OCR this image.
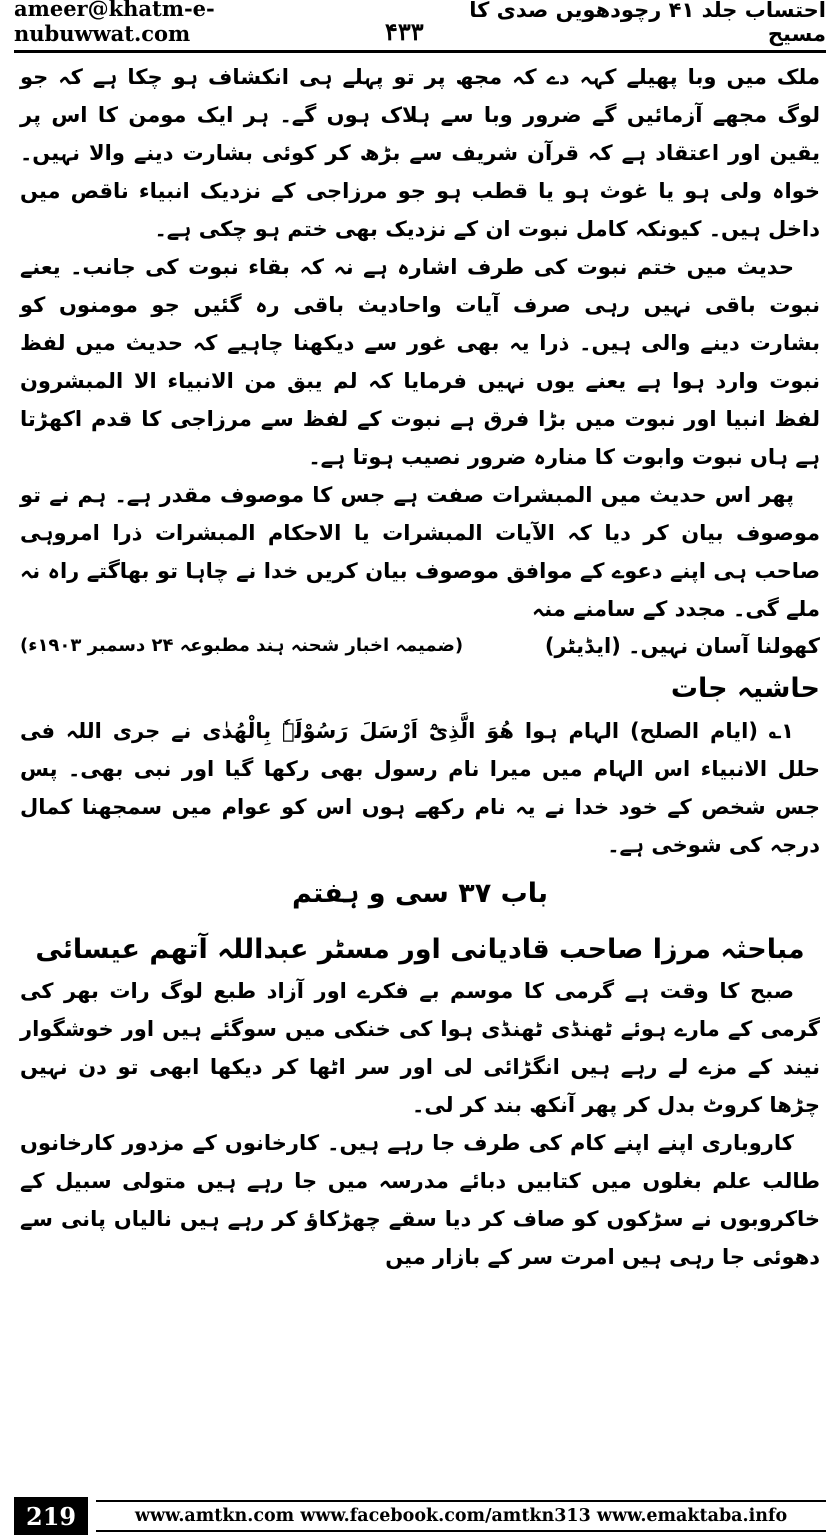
ameer@khatm-e-nubuwwat.com	۴۳۳
احتساب جلد ۴۱ رچودھویں صدی کا مسیح

ملک میں وبا پھیلے کہہ دے کہ مجھ پر تو پہلے ہی انکشاف ہو چکا ہے کہ جو لوگ مجھے آزمائیں گے ضرور وبا سے ہلاک ہوں گے۔ ہر ایک مومن کا اس پر یقین اور اعتقاد ہے کہ قرآن شریف سے بڑھ کر کوئی بشارت دینے والا نہیں۔ خواہ ولی ہو یا غوث ہو یا قطب ہو جو مرزاجی کے نزدیک انبیاء ناقص میں داخل ہیں۔ کیونکہ کامل نبوت ان کے نزدیک بھی ختم ہو چکی ہے۔

حدیث میں ختم نبوت کی طرف اشارہ ہے نہ کہ بقاء نبوت کی جانب۔ یعنے نبوت باقی نہیں رہی صرف آیات واحادیث باقی رہ گئیں جو مومنوں کو بشارت دینے والی ہیں۔ ذرا یہ بھی غور سے دیکھنا چاہیے کہ حدیث میں لفظ نبوت وارد ہوا ہے یعنے یوں نہیں فرمایا کہ لم یبق من الانبیاء الا المبشرون لفظ انبیا اور نبوت میں بڑا فرق ہے نبوت کے لفظ سے مرزاجی کا قدم اکھڑتا ہے ہاں نبوت وابوت کا منارہ ضرور نصیب ہوتا ہے۔

پھر اس حدیث میں المبشرات صفت ہے جس کا موصوف مقدر ہے۔ ہم نے تو موصوف بیان کر دیا کہ الآیات المبشرات یا الاحکام المبشرات ذرا امروہی صاحب ہی اپنے دعوے کے موافق موصوف بیان کریں خدا نے چاہا تو بھاگتے راہ نہ ملے گی۔ مجدد کے سامنے منہ

کھولنا آسان نہیں۔ (ایڈیٹر)
(ضمیمہ اخبار شحنہ ہند مطبوعہ ۲۴ دسمبر ۱۹۰۳ء)
حاشیہ جات

۱؎ (ایام الصلح) الہام ہوا ھُوَ الَّذِیْٓ اَرْسَلَ رَسُوْلَہٗ بِالْھُدٰی نے جری اللہ فی حلل الانبیاء اس الہام میں میرا نام رسول بھی رکھا گیا اور نبی بھی۔ پس جس شخص کے خود خدا نے یہ نام رکھے ہوں اس کو عوام میں سمجھنا کمال درجہ کی شوخی ہے۔

باب ۳۷ سی و ہفتم
مباحثہ مرزا صاحب قادیانی اور مسٹر عبداللہ آتھم عیسائی

صبح کا وقت ہے گرمی کا موسم بے فکرے اور آزاد طبع لوگ رات بھر کی گرمی کے مارے ہوئے ٹھنڈی ٹھنڈی ہوا کی خنکی میں سوگئے ہیں اور خوشگوار نیند کے مزے لے رہے ہیں انگڑائی لی اور سر اٹھا کر دیکھا ابھی تو دن نہیں چڑھا کروٹ بدل کر پھر آنکھ بند کر لی۔

کاروباری اپنے اپنے کام کی طرف جا رہے ہیں۔ کارخانوں کے مزدور کارخانوں طالب علم بغلوں میں کتابیں دبائے مدرسہ میں جا رہے ہیں متولی سبیل کے خاکروبوں نے سڑکوں کو صاف کر دیا سقے چھڑکاؤ کر رہے ہیں نالیاں پانی سے دھوئی جا رہی ہیں امرت سر کے بازار میں

219	www.amtkn.com www.facebook.com/amtkn313 www.emaktaba.info
